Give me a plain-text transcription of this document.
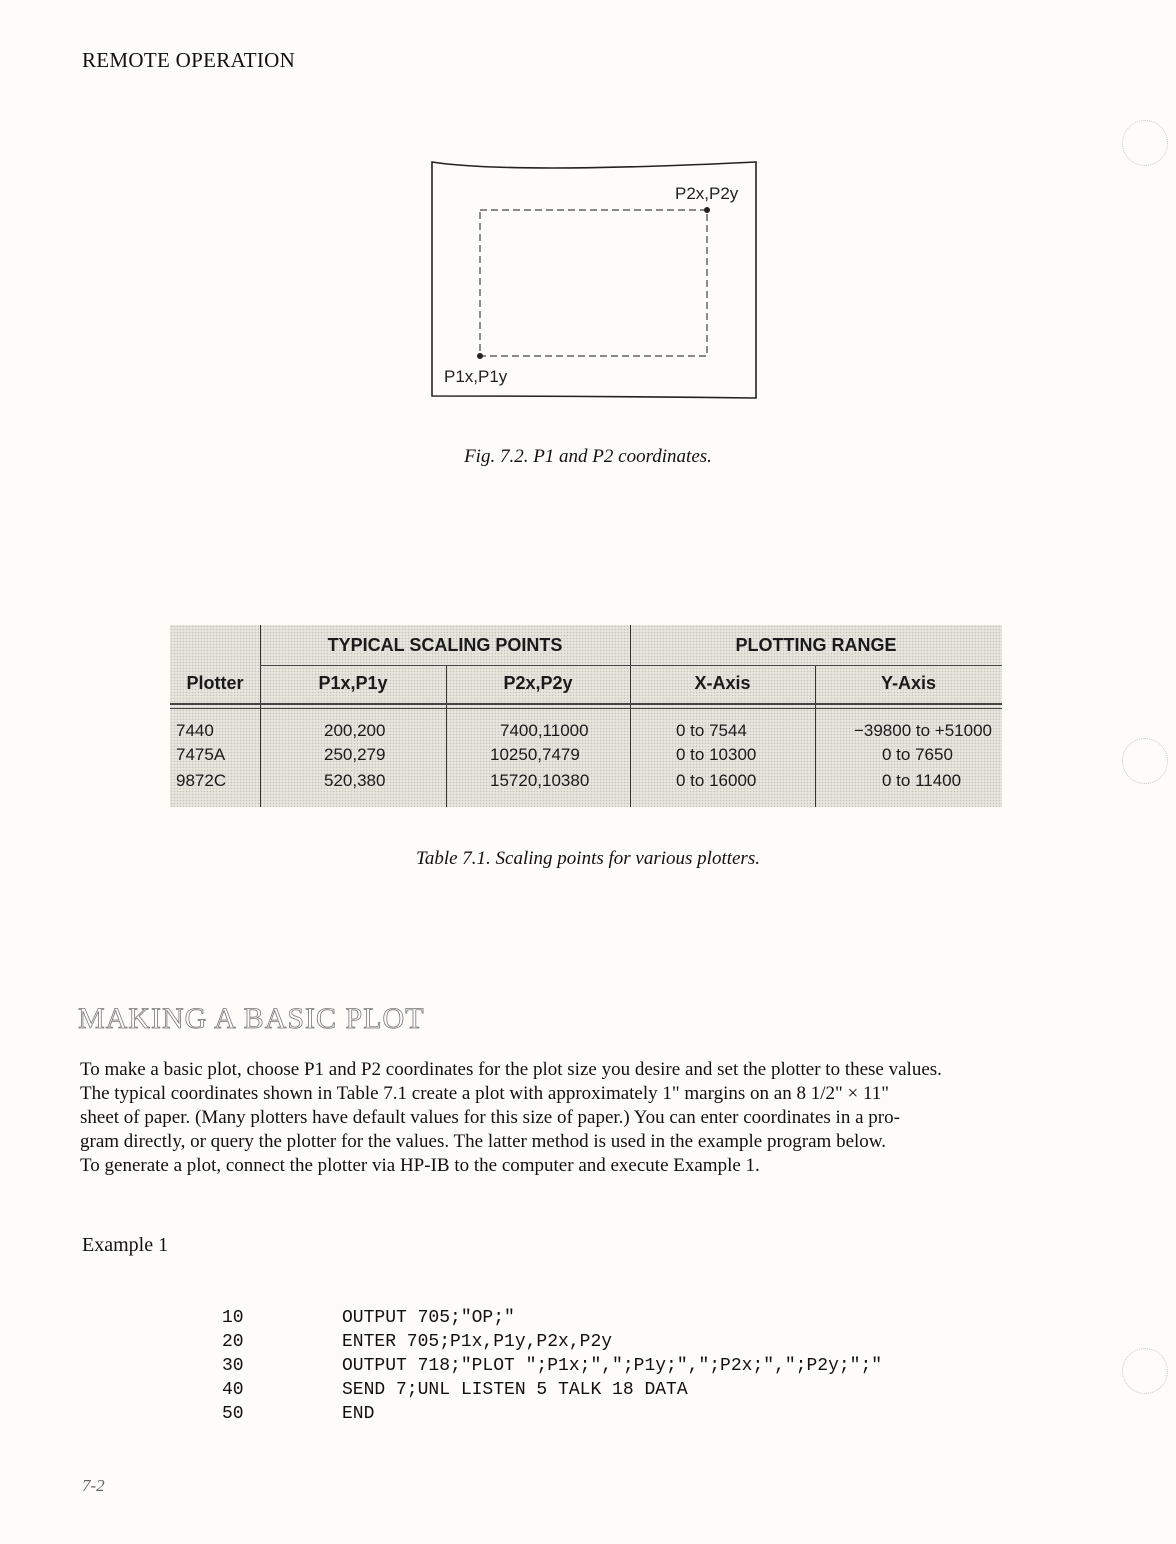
REMOTE OPERATION
P2x,P2y
P1x,P1y
Fig. 7.2. P1 and P2 coordinates.
TYPICAL SCALING POINTS	PLOTTING RANGE
Plotter	P1x,P1y	P2x,P2y	X-Axis	Y-Axis
7440	200,200	7400,11000	0 to 7544	−39800 to +51000
7475A	250,279	10250,7479	0 to 10300	0 to 7650
9872C	520,380	15720,10380	0 to 16000	0 to 11400
Table 7.1. Scaling points for various plotters.
MAKING A BASIC PLOT

To make a basic plot, choose P1 and P2 coordinates for the plot size you desire and set the plotter to these values.

The typical coordinates shown in Table 7.1 create a plot with approximately 1" margins on an 8 1/2" × 11"

sheet of paper. (Many plotters have default values for this size of paper.) You can enter coordinates in a pro-

gram directly, or query the plotter for the values. The latter method is used in the example program below.

To generate a plot, connect the plotter via HP-IB to the computer and execute Example 1.

Example 1
10	OUTPUT 705;"OP;"
20	ENTER 705;P1x,P1y,P2x,P2y
30	OUTPUT 718;"PLOT ";P1x;",";P1y;",";P2x;",";P2y;";"
40	SEND 7;UNL LISTEN 5 TALK 18 DATA
50	END
7-2
